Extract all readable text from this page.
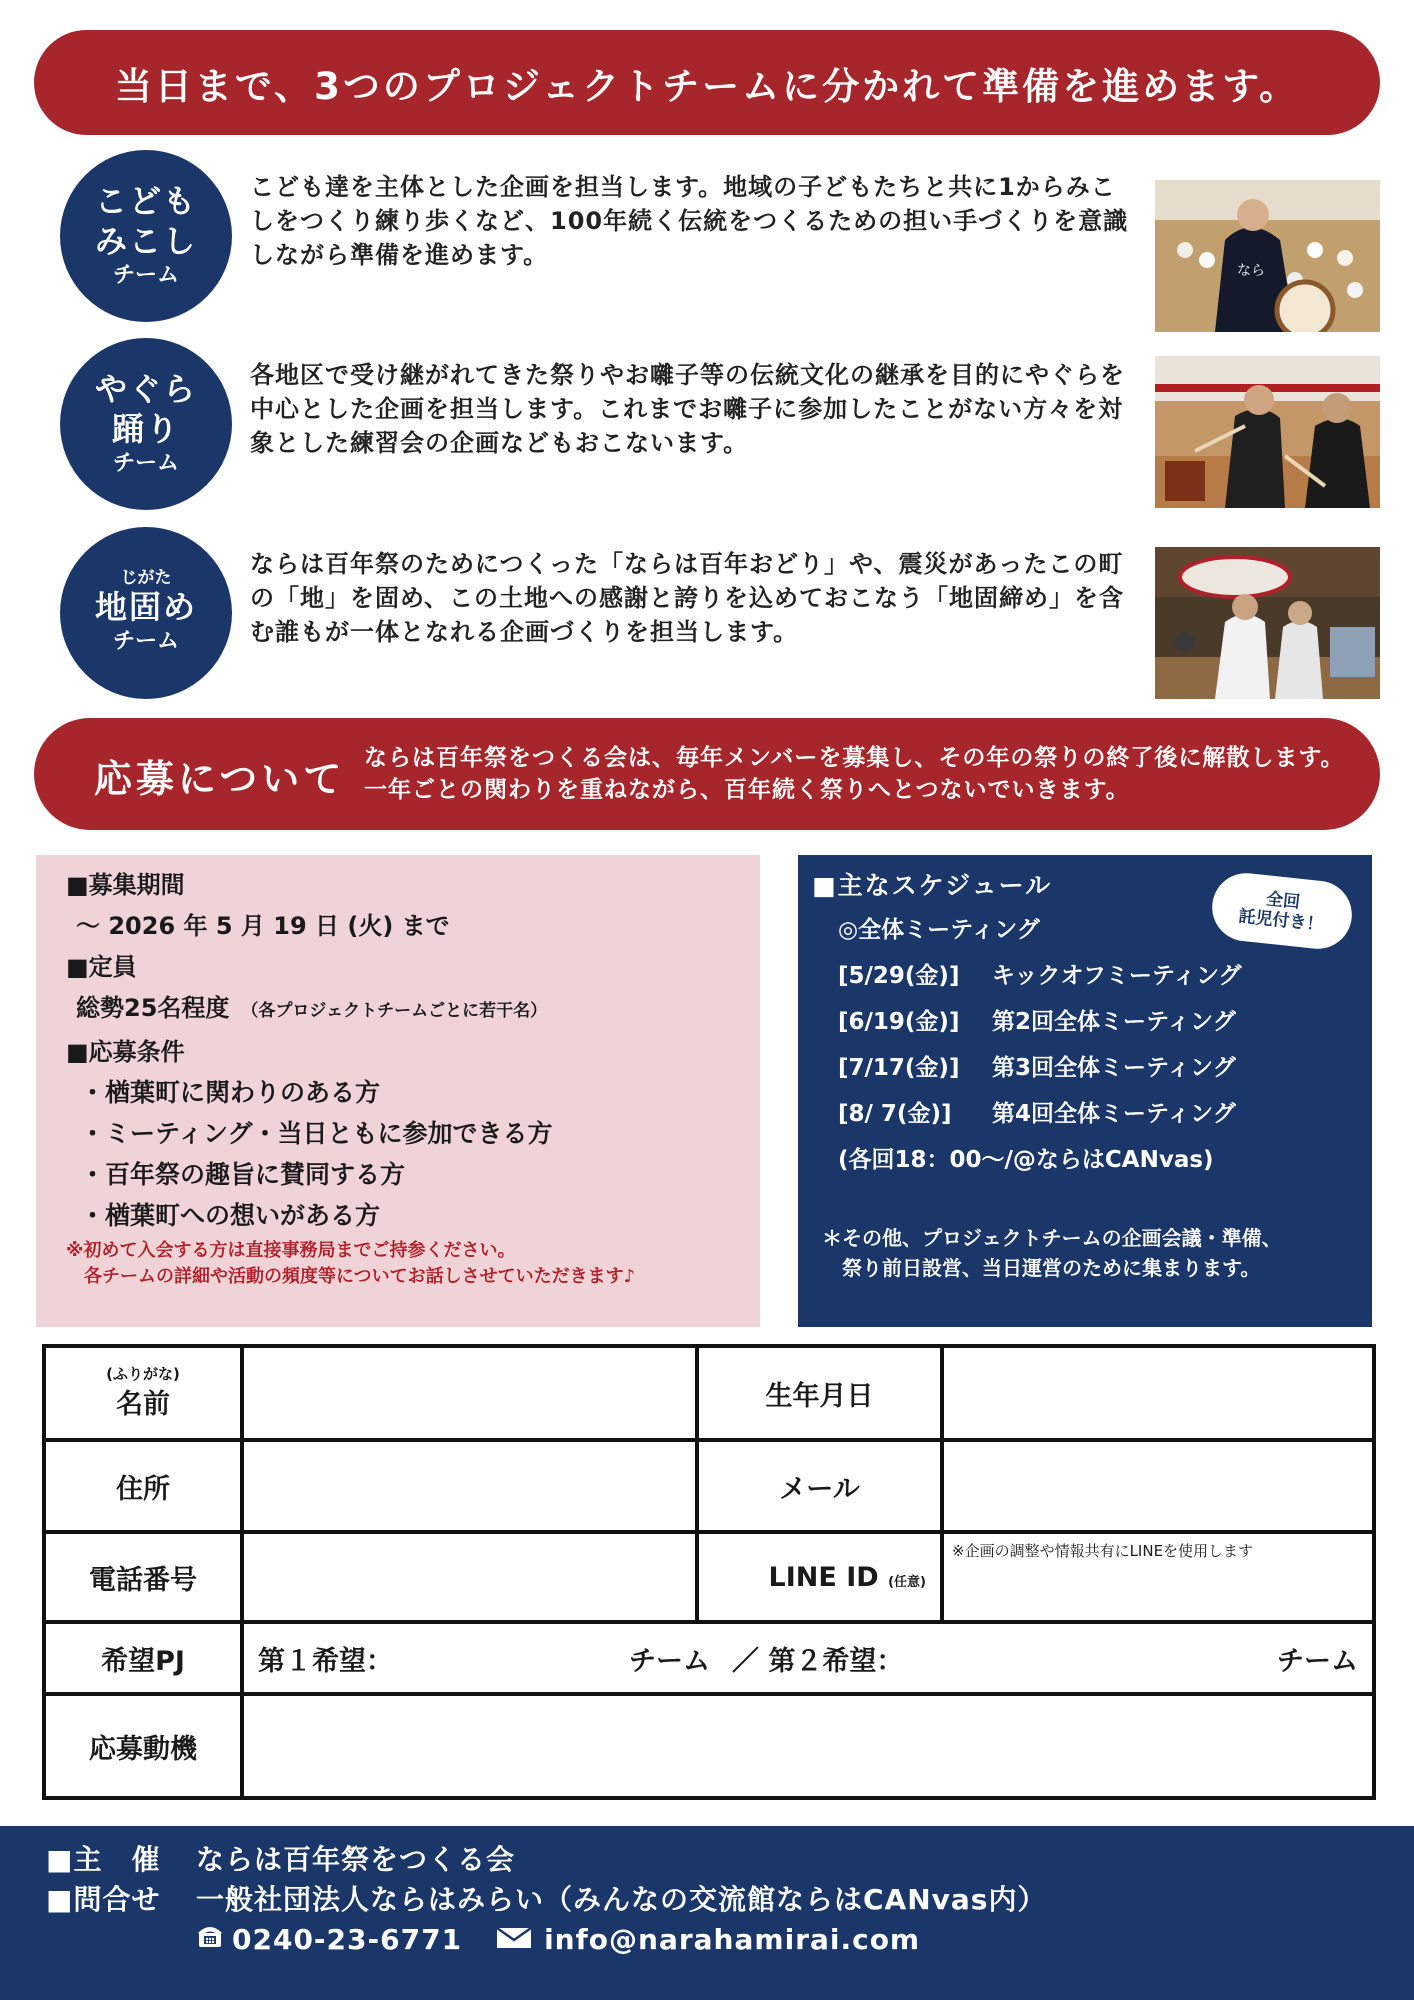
当日まで、3つのプロジェクトチームに分かれて準備を進めます。
こども
みこし
チーム
こども達を主体とした企画を担当します。地域の子どもたちと共に1からみこしをつくり練り歩くなど、100年続く伝統をつくるための担い手づくりを意識しながら準備を進めます。
なら
やぐら
踊り
チーム
各地区で受け継がれてきた祭りやお囃子等の伝統文化の継承を目的にやぐらを中心とした企画を担当します。これまでお囃子に参加したことがない方々を対象とした練習会の企画などもおこないます。
じがた
地固め
チーム
ならは百年祭のためにつくった「ならは百年おどり」や、震災があったこの町の「地」を固め、この土地への感謝と誇りを込めておこなう「地固締め」を含む誰もが一体となれる企画づくりを担当します。
応募について ならは百年祭をつくる会は、毎年メンバーを募集し、その年の祭りの終了後に解散します。一年ごとの関わりを重ねながら、百年続く祭りへとつないでいきます。
■募集期間
～ 2026 年 5 月 19 日 (火) まで
■定員
総勢25名程度 （各プロジェクトチームごとに若干名）
■応募条件
・楢葉町に関わりのある方
・ミーティング・当日ともに参加できる方
・百年祭の趣旨に賛同する方
・楢葉町への想いがある方
※初めて入会する方は直接事務局までご持参ください。
　各チームの詳細や活動の頻度等についてお話しさせていただきます♪
■主なスケジュール
全回
託児付き！
◎全体ミーティング
[5/29(金)]	キックオフミーティング
[6/19(金)]	第2回全体ミーティング
[7/17(金)]	第3回全体ミーティング
[8/ 7(金)]	第4回全体ミーティング
(各回18：00～/@ならはCANvas)
＊その他、プロジェクトチームの企画会議・準備、
　祭り前日設営、当日運営のために集まります。
(ふりがな)
名前		生年月日	
住所		メール	
電話番号		LINE ID (任意)	※企画の調整や情報共有にLINEを使用します
希望PJ	第１希望： チーム ／ 第２希望： チーム		

応募動機			
■主　催	ならは百年祭をつくる会
■問合せ	一般社団法人ならはみらい（みんなの交流館ならはCANvas内）
0240-23-6771	info@narahamirai.com
